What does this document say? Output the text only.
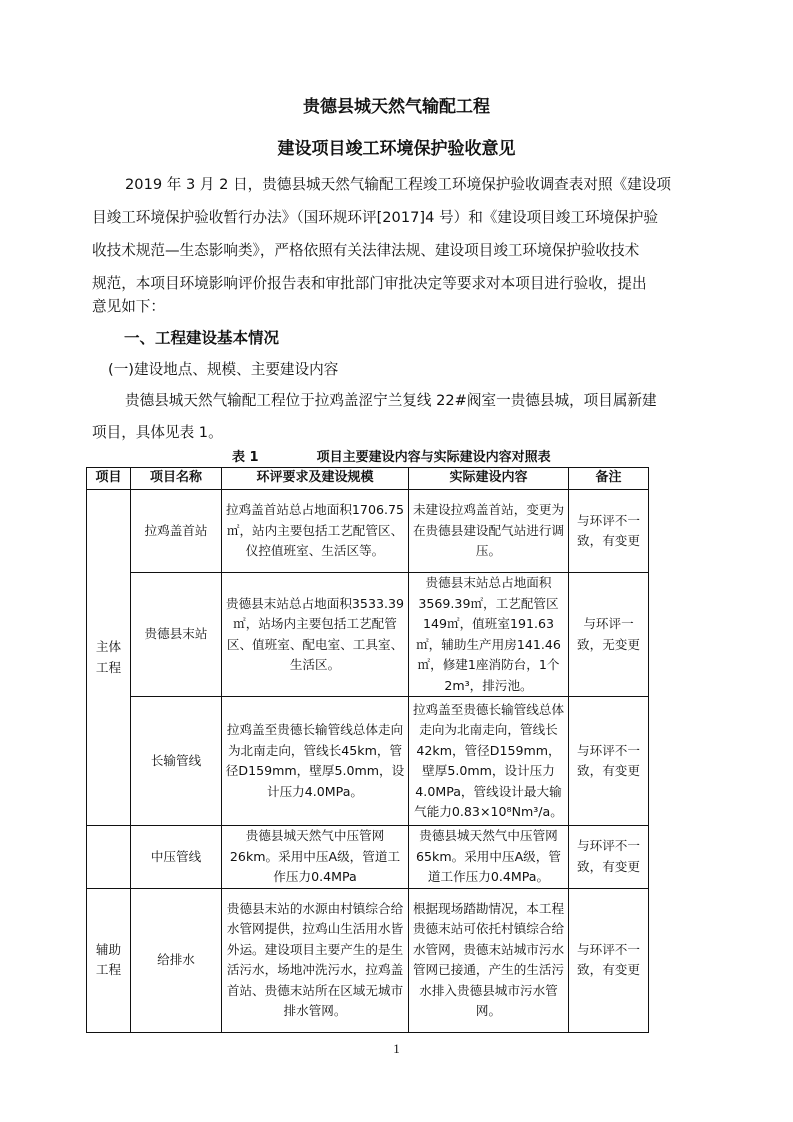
贵德县城天然气输配工程
建设项目竣工环境保护验收意见
2019 年 3 月 2 日，贵德县城天然气输配工程竣工环境保护验收调查表对照《建设项
目竣工环境保护验收暂行办法》（国环规环评[2017]4 号）和《建设项目竣工环境保护验
收技术规范—生态影响类》，严格依照有关法律法规、建设项目竣工环境保护验收技术
规范，本项目环境影响评价报告表和审批部门审批决定等要求对本项目进行验收，提出
意见如下：
一、工程建设基本情况
(一)建设地点、规模、主要建设内容
贵德县城天然气输配工程位于拉鸡盖涩宁兰复线 22#阀室一贵德县城，项目属新建
项目，具体见表 1。
表 1	项目主要建设内容与实际建设内容对照表
项目	项目名称	环评要求及建设规模	实际建设内容	备注
主体工程	拉鸡盖首站	拉鸡盖首站总占地面积1706.75㎡，站内主要包括工艺配管区、仪控值班室、生活区等。	未建设拉鸡盖首站，变更为在贵德县建设配气站进行调压。	与环评不一致，有变更
	贵德县末站	贵德县末站总占地面积3533.39㎡，站场内主要包括工艺配管区、值班室、配电室、工具室、生活区。	贵德县末站总占地面积3569.39㎡，工艺配管区149㎡，值班室191.63㎡，辅助生产用房141.46㎡，修建1座消防台，1个2m³，排污池。	与环评一致，无变更
	长输管线	拉鸡盖至贵德长输管线总体走向为北南走向，管线长45km，管径D159mm，壁厚5.0mm，设计压力4.0MPa。	拉鸡盖至贵德长输管线总体走向为北南走向，管线长42km，管径D159mm，壁厚5.0mm，设计压力4.0MPa，管线设计最大输气能力0.83×10⁸Nm³/a。	与环评不一致，有变更
	中压管线	贵德县城天然气中压管网26km。采用中压A级，管道工作压力0.4MPa	贵德县城天然气中压管网65km。采用中压A级，管道工作压力0.4MPa。	与环评不一致，有变更
辅助工程	给排水	贵德县末站的水源由村镇综合给水管网提供，拉鸡山生活用水皆外运。建设项目主要产生的是生活污水，场地冲洗污水，拉鸡盖首站、贵德末站所在区域无城市排水管网。	根据现场踏勘情况，本工程贵德末站可依托村镇综合给水管网，贵德末站城市污水管网已接通，产生的生活污水排入贵德县城市污水管网。	与环评不一致，有变更
1
